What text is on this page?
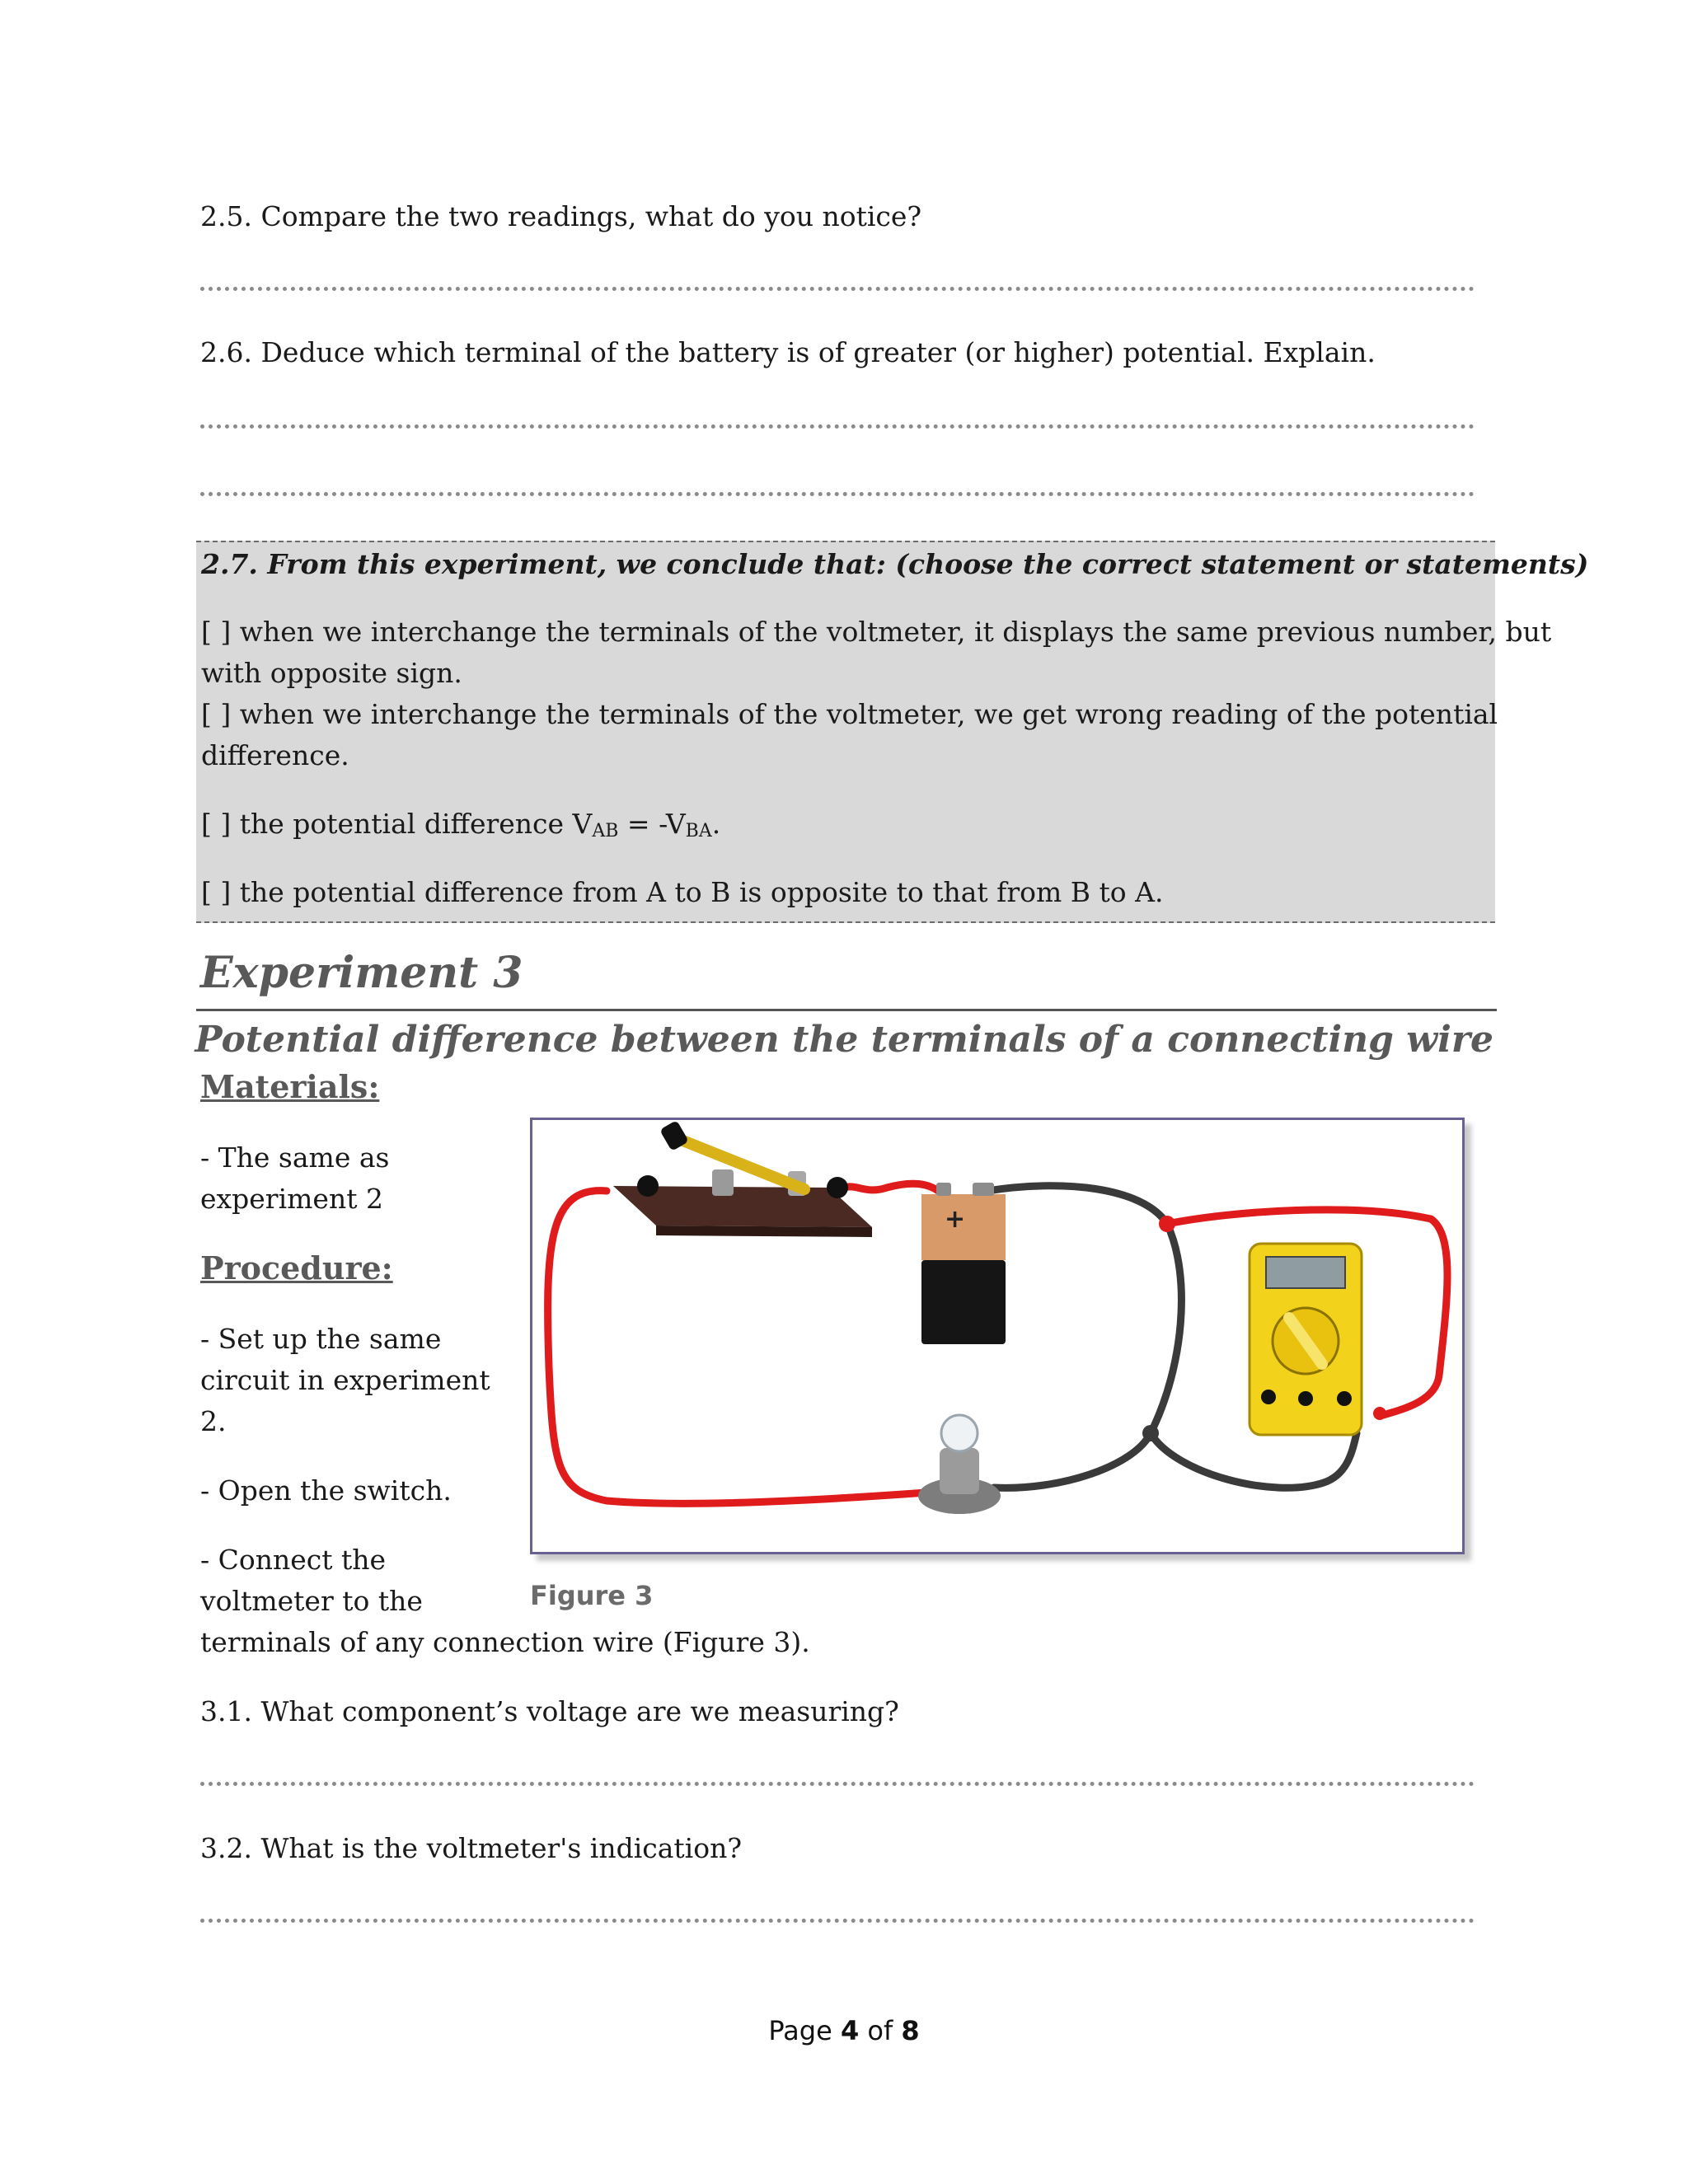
2.5. Compare the two readings, what do you notice?
2.6. Deduce which terminal of the battery is of greater (or higher) potential. Explain.
2.7. From this experiment, we conclude that: (choose the correct statement or statements)
[ ] when we interchange the terminals of the voltmeter, it displays the same previous number, but
with opposite sign.
[ ] when we interchange the terminals of the voltmeter, we get wrong reading of the potential
difference.
[ ] the potential difference $V_{AB} = -V_{BA}$.
[ ] the potential difference from A to B is opposite to that from B to A.
Experiment 3
Potential difference between the terminals of a connecting wire
Materials:
- The same as
experiment 2
Procedure:
- Set up the same
circuit in experiment
2.
- Open the switch.
- Connect the
voltmeter to the
terminals of any connection wire (Figure 3).
+
Figure 3
3.1. What component’s voltage are we measuring?
3.2. What is the voltmeter's indication?
Page 4 of 8
